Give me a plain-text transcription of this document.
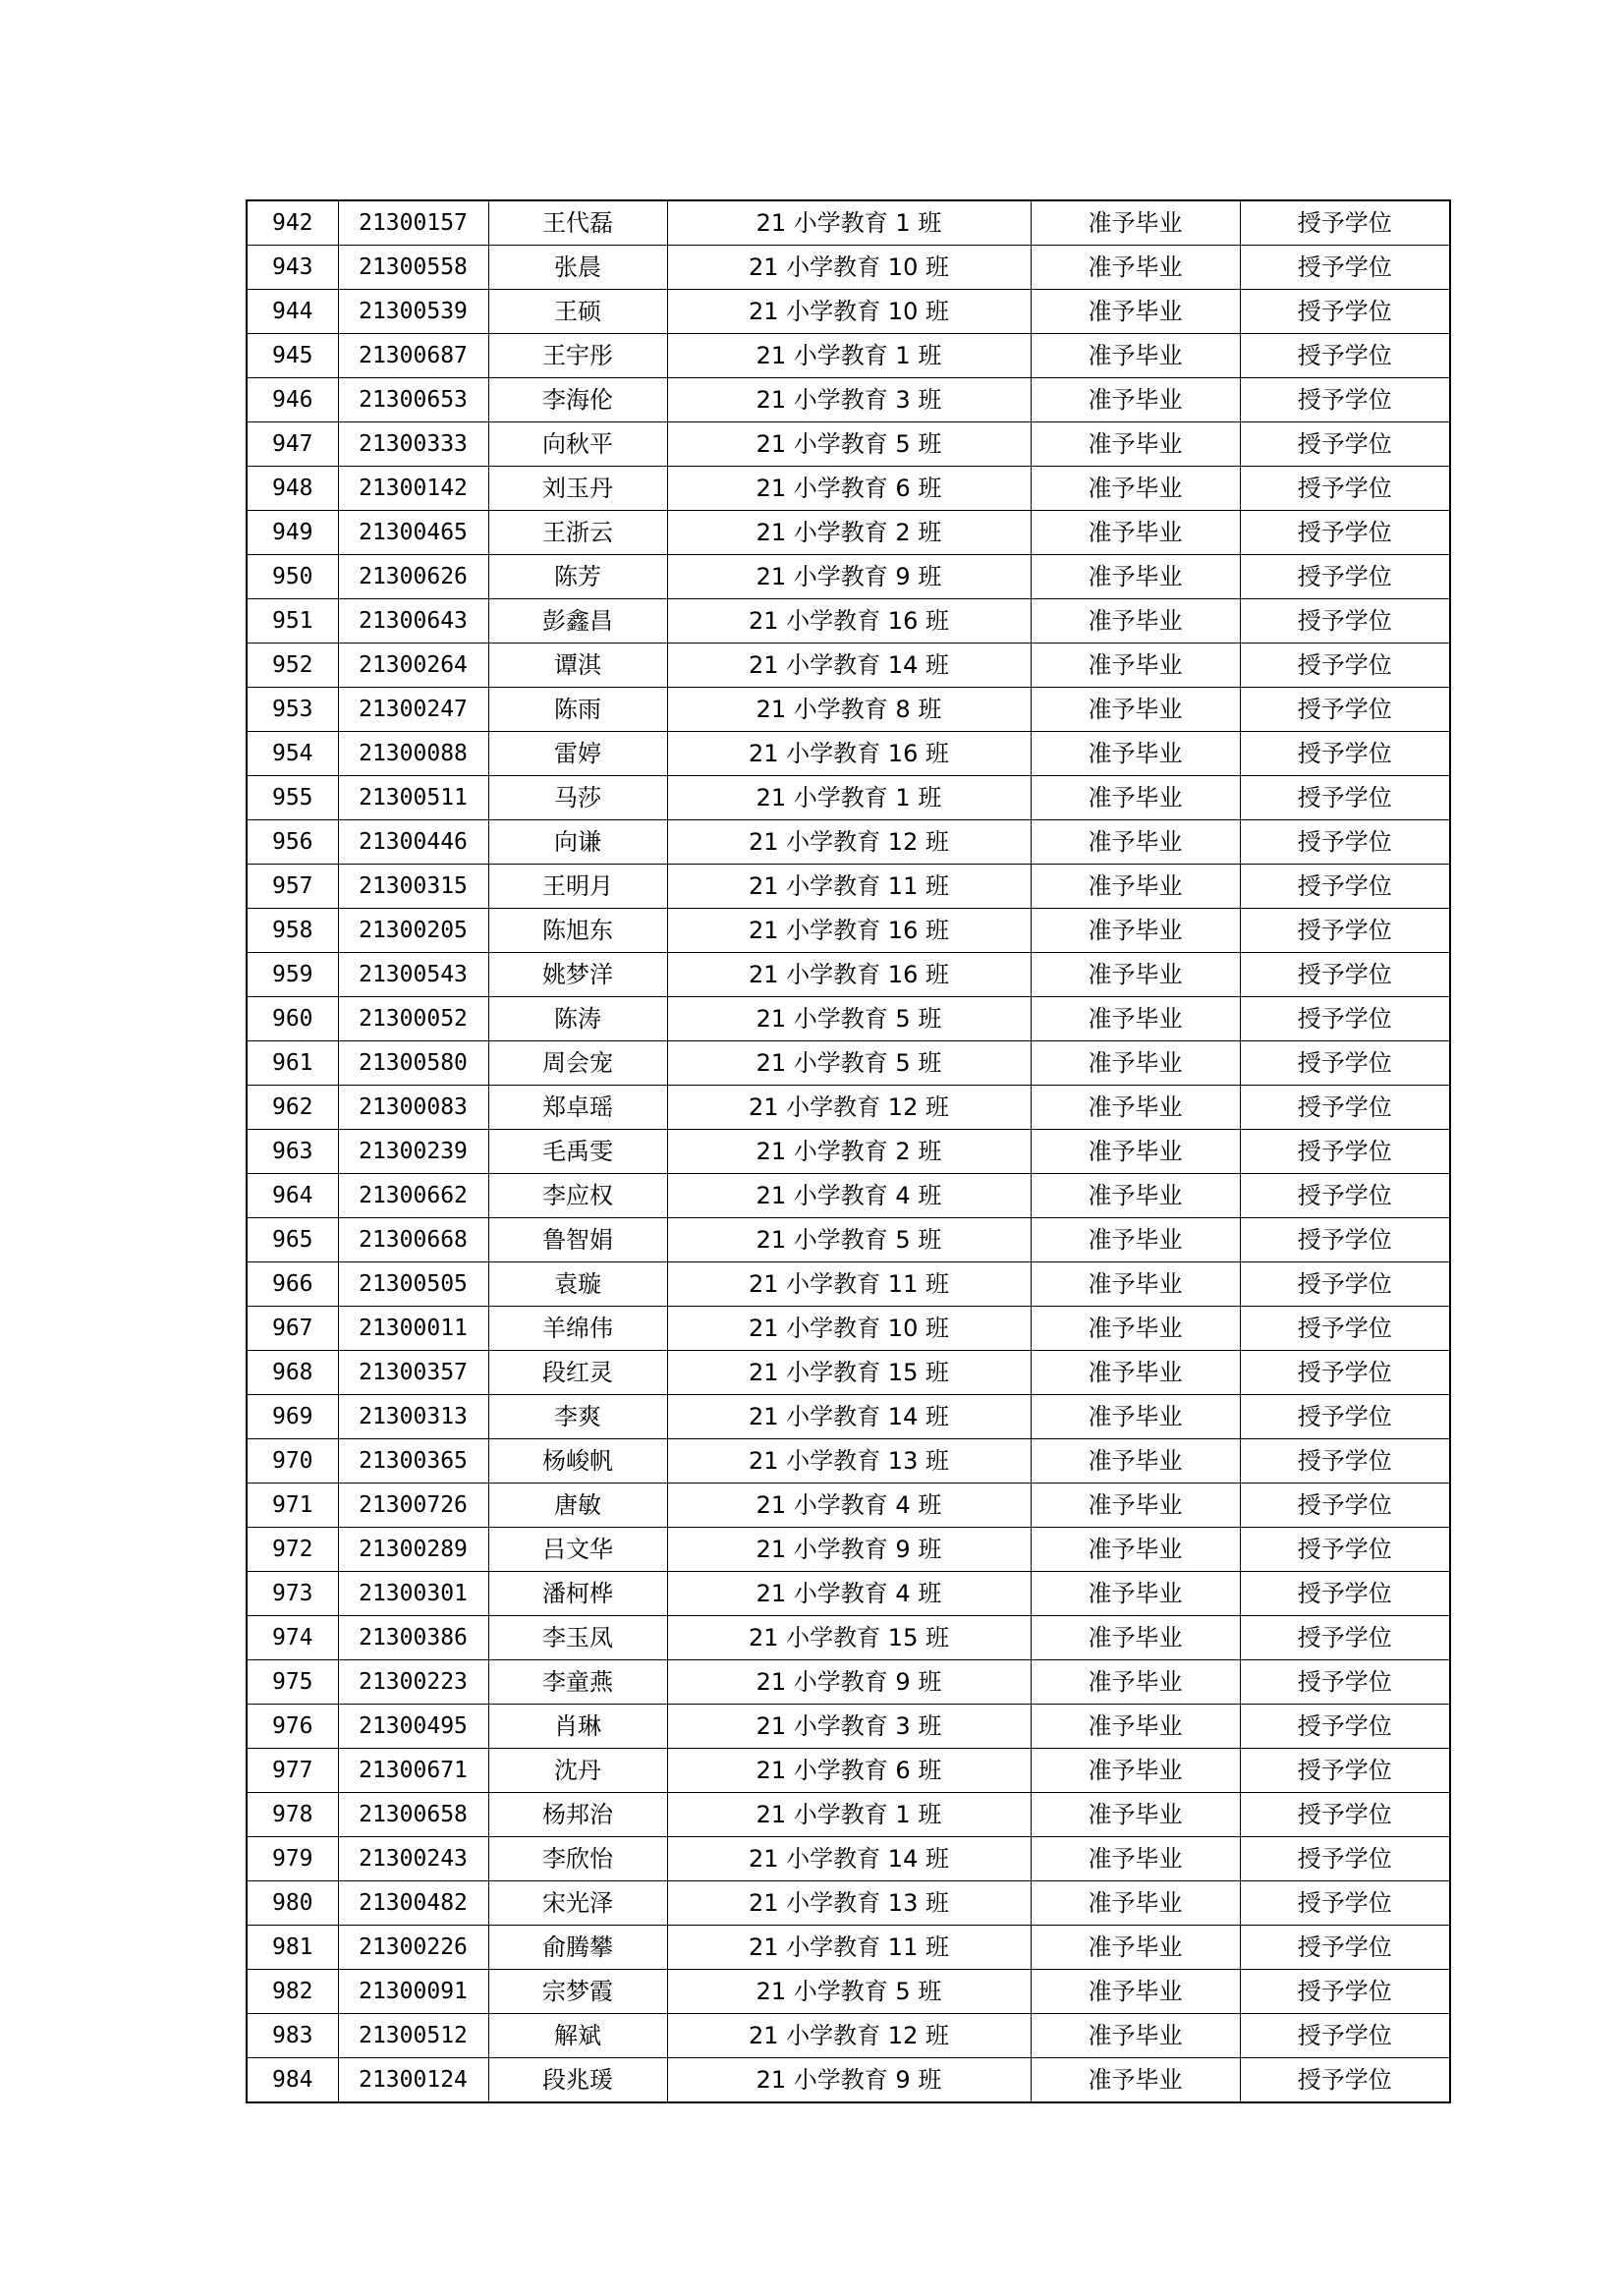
942	21300157	王代磊	21 小学教育 1 班	准予毕业	授予学位
943	21300558	张晨	21 小学教育 10 班	准予毕业	授予学位
944	21300539	王硕	21 小学教育 10 班	准予毕业	授予学位
945	21300687	王宇彤	21 小学教育 1 班	准予毕业	授予学位
946	21300653	李海伦	21 小学教育 3 班	准予毕业	授予学位
947	21300333	向秋平	21 小学教育 5 班	准予毕业	授予学位
948	21300142	刘玉丹	21 小学教育 6 班	准予毕业	授予学位
949	21300465	王浙云	21 小学教育 2 班	准予毕业	授予学位
950	21300626	陈芳	21 小学教育 9 班	准予毕业	授予学位
951	21300643	彭鑫昌	21 小学教育 16 班	准予毕业	授予学位
952	21300264	谭淇	21 小学教育 14 班	准予毕业	授予学位
953	21300247	陈雨	21 小学教育 8 班	准予毕业	授予学位
954	21300088	雷婷	21 小学教育 16 班	准予毕业	授予学位
955	21300511	马莎	21 小学教育 1 班	准予毕业	授予学位
956	21300446	向谦	21 小学教育 12 班	准予毕业	授予学位
957	21300315	王明月	21 小学教育 11 班	准予毕业	授予学位
958	21300205	陈旭东	21 小学教育 16 班	准予毕业	授予学位
959	21300543	姚梦洋	21 小学教育 16 班	准予毕业	授予学位
960	21300052	陈涛	21 小学教育 5 班	准予毕业	授予学位
961	21300580	周会宠	21 小学教育 5 班	准予毕业	授予学位
962	21300083	郑卓瑶	21 小学教育 12 班	准予毕业	授予学位
963	21300239	毛禹雯	21 小学教育 2 班	准予毕业	授予学位
964	21300662	李应权	21 小学教育 4 班	准予毕业	授予学位
965	21300668	鲁智娟	21 小学教育 5 班	准予毕业	授予学位
966	21300505	袁璇	21 小学教育 11 班	准予毕业	授予学位
967	21300011	羊绵伟	21 小学教育 10 班	准予毕业	授予学位
968	21300357	段红灵	21 小学教育 15 班	准予毕业	授予学位
969	21300313	李爽	21 小学教育 14 班	准予毕业	授予学位
970	21300365	杨峻帆	21 小学教育 13 班	准予毕业	授予学位
971	21300726	唐敏	21 小学教育 4 班	准予毕业	授予学位
972	21300289	吕文华	21 小学教育 9 班	准予毕业	授予学位
973	21300301	潘柯桦	21 小学教育 4 班	准予毕业	授予学位
974	21300386	李玉凤	21 小学教育 15 班	准予毕业	授予学位
975	21300223	李童燕	21 小学教育 9 班	准予毕业	授予学位
976	21300495	肖琳	21 小学教育 3 班	准予毕业	授予学位
977	21300671	沈丹	21 小学教育 6 班	准予毕业	授予学位
978	21300658	杨邦治	21 小学教育 1 班	准予毕业	授予学位
979	21300243	李欣怡	21 小学教育 14 班	准予毕业	授予学位
980	21300482	宋光泽	21 小学教育 13 班	准予毕业	授予学位
981	21300226	俞腾攀	21 小学教育 11 班	准予毕业	授予学位
982	21300091	宗梦霞	21 小学教育 5 班	准予毕业	授予学位
983	21300512	解斌	21 小学教育 12 班	准予毕业	授予学位
984	21300124	段兆瑗	21 小学教育 9 班	准予毕业	授予学位
